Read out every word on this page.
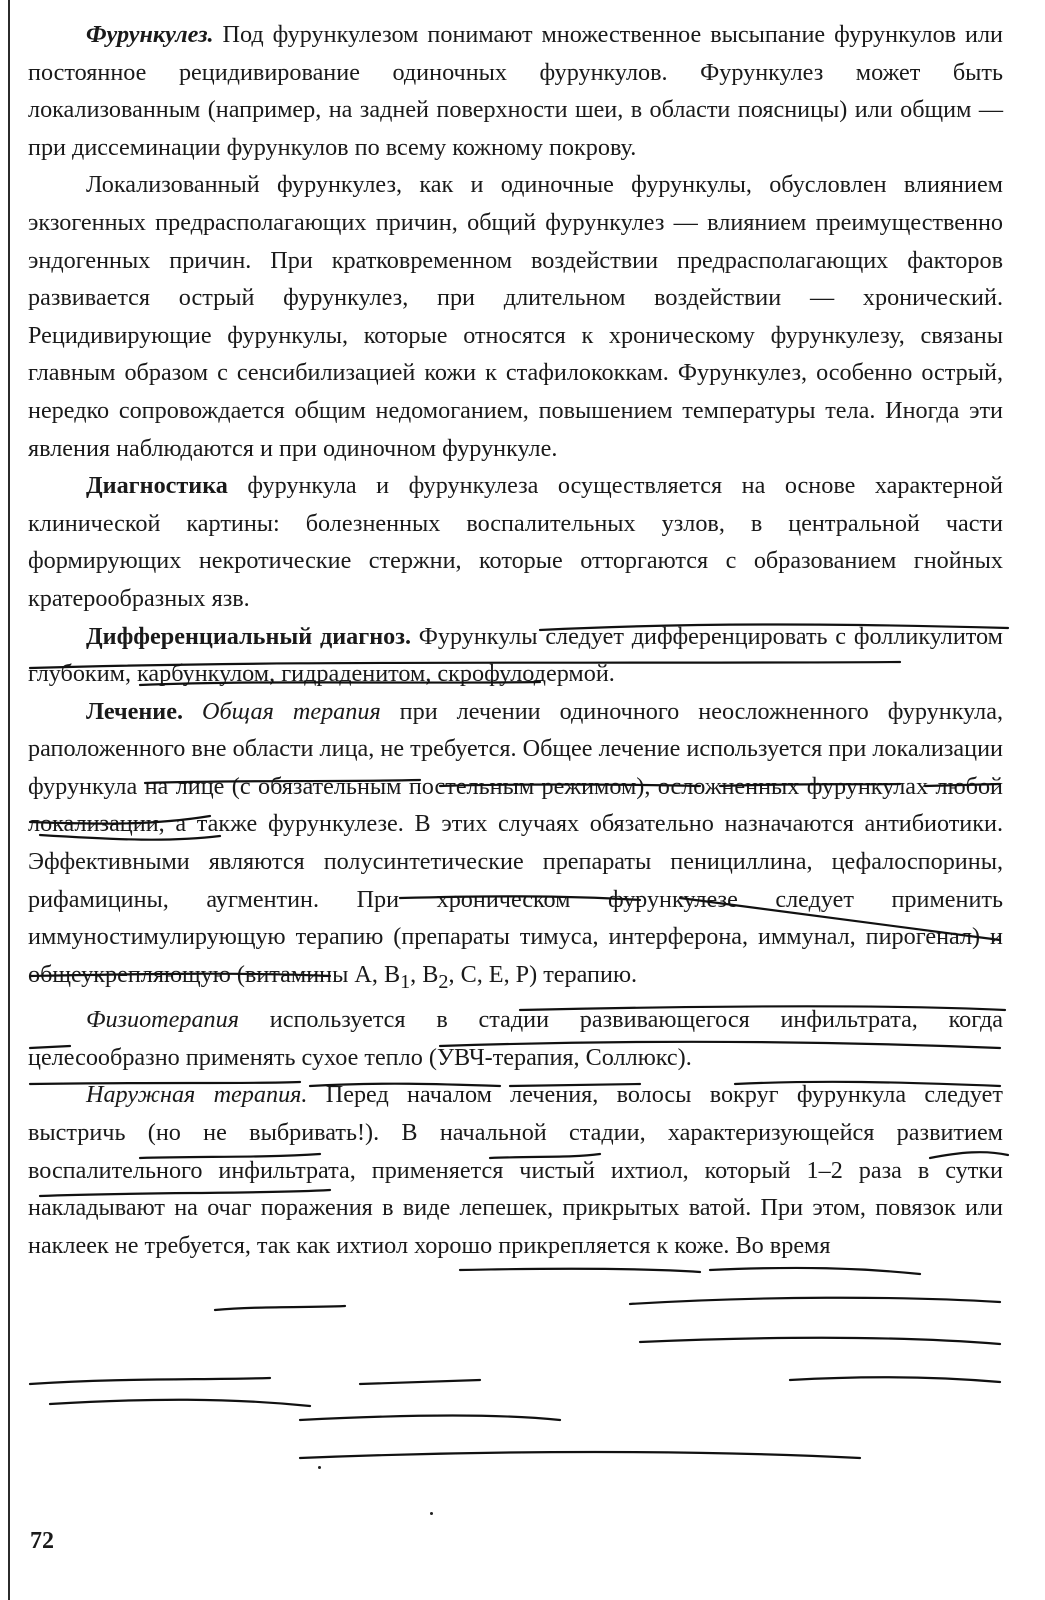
Фурункулез. Под фурункулезом понимают множественное высыпание фурункулов или постоянное рецидивирование одиночных фурункулов. Фурункулез может быть локализованным (например, на задней поверхности шеи, в области поясницы) или общим — при диссеминации фурункулов по всему кожному покрову.

Локализованный фурункулез, как и одиночные фурункулы, обусловлен влиянием экзогенных предрасполагающих причин, общий фурункулез — влиянием преимущественно эндогенных причин. При кратковременном воздействии предрасполагающих факторов развивается острый фурункулез, при длительном воздействии — хронический. Рецидивирующие фурункулы, которые относятся к хроническому фурункулезу, связаны главным образом с сенсибилизацией кожи к стафилококкам. Фурункулез, особенно острый, нередко сопровождается общим недомоганием, повышением температуры тела. Иногда эти явления наблюдаются и при одиночном фурункуле.

Диагностика фурункула и фурункулеза осуществляется на основе характерной клинической картины: болезненных воспалительных узлов, в центральной части формирующих некротические стержни, которые отторгаются с образованием гнойных кратерообразных язв.

Дифференциальный диагноз. Фурункулы следует дифференцировать с фолликулитом глубоким, карбункулом, гидраденитом, скрофулодермой.

Лечение. Общая терапия при лечении одиночного неосложненного фурункула, раположенного вне области лица, не требуется. Общее лечение используется при локализации фурункула на лице (с обязательным постельным режимом), осложненных фурункулах любой локализации, а также фурункулезе. В этих случаях обязательно назначаются антибиотики. Эффективными являются полусинтетические препараты пенициллина, цефалоспорины, рифамицины, аугментин. При хроническом фурункулезе следует применить иммуностимулирующую терапию (препараты тимуса, интерферона, иммунал, пирогенал) и общеукрепляющую (витамины А, $В_1$, $В_2$, С, Е, Р) терапию.

Физиотерапия используется в стадии развивающегося инфильтрата, когда целесообразно применять сухое тепло (УВЧ-терапия, Соллюкс).

Наружная терапия. Перед началом лечения, волосы вокруг фурункула следует выстричь (но не выбривать!). В начальной стадии, характеризующейся развитием воспалительного инфильтрата, применяется чистый ихтиол, который 1–2 раза в сутки накладывают на очаг поражения в виде лепешек, прикрытых ватой. При этом, повязок или наклеек не требуется, так как ихтиол хорошо прикрепляется к коже. Во время

72
